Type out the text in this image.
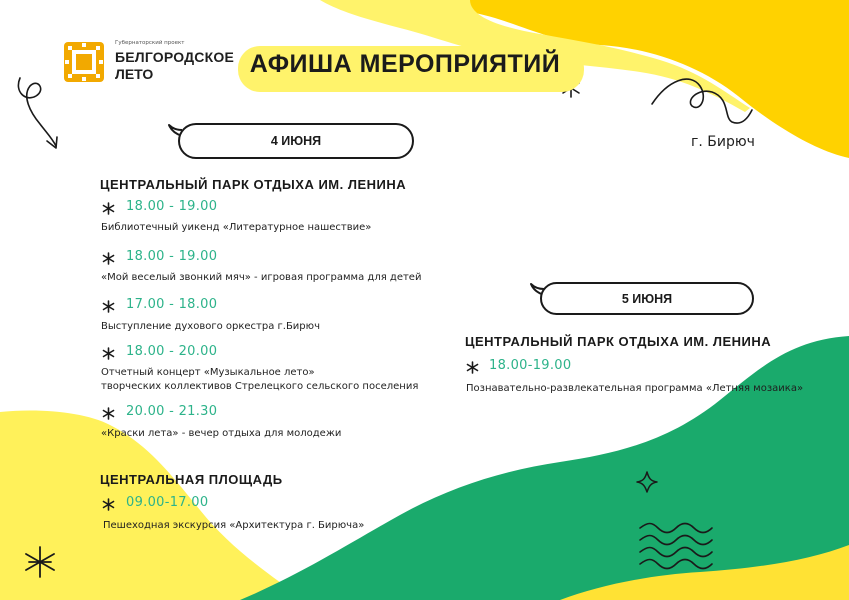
Губернаторский проект
БЕЛГОРОДСКОЕ
ЛЕТО	АФИША МЕРОПРИЯТИЙ
г. Бирюч
4 ИЮНЯ
5 ИЮНЯ
ЦЕНТРАЛЬНЫЙ ПАРК ОТДЫХА ИМ. ЛЕНИНА
18.00 - 19.00
Библиотечный уикенд «Литературное нашествие»
18.00 - 19.00
«Мой веселый звонкий мяч» - игровая программа для детей
17.00 - 18.00
Выступление духового оркестра г.Бирюч
18.00 - 20.00
Отчетный концерт «Музыкальное лето»
творческих коллективов Стрелецкого сельского поселения
20.00 - 21.30
«Краски лета» - вечер отдыха для молодежи
ЦЕНТРАЛЬНАЯ ПЛОЩАДЬ
09.00-17.00
Пешеходная экскурсия «Архитектура г. Бирюча»
ЦЕНТРАЛЬНЫЙ ПАРК ОТДЫХА ИМ. ЛЕНИНА
18.00-19.00
Познавательно-развлекательная программа «Летняя мозаика»
